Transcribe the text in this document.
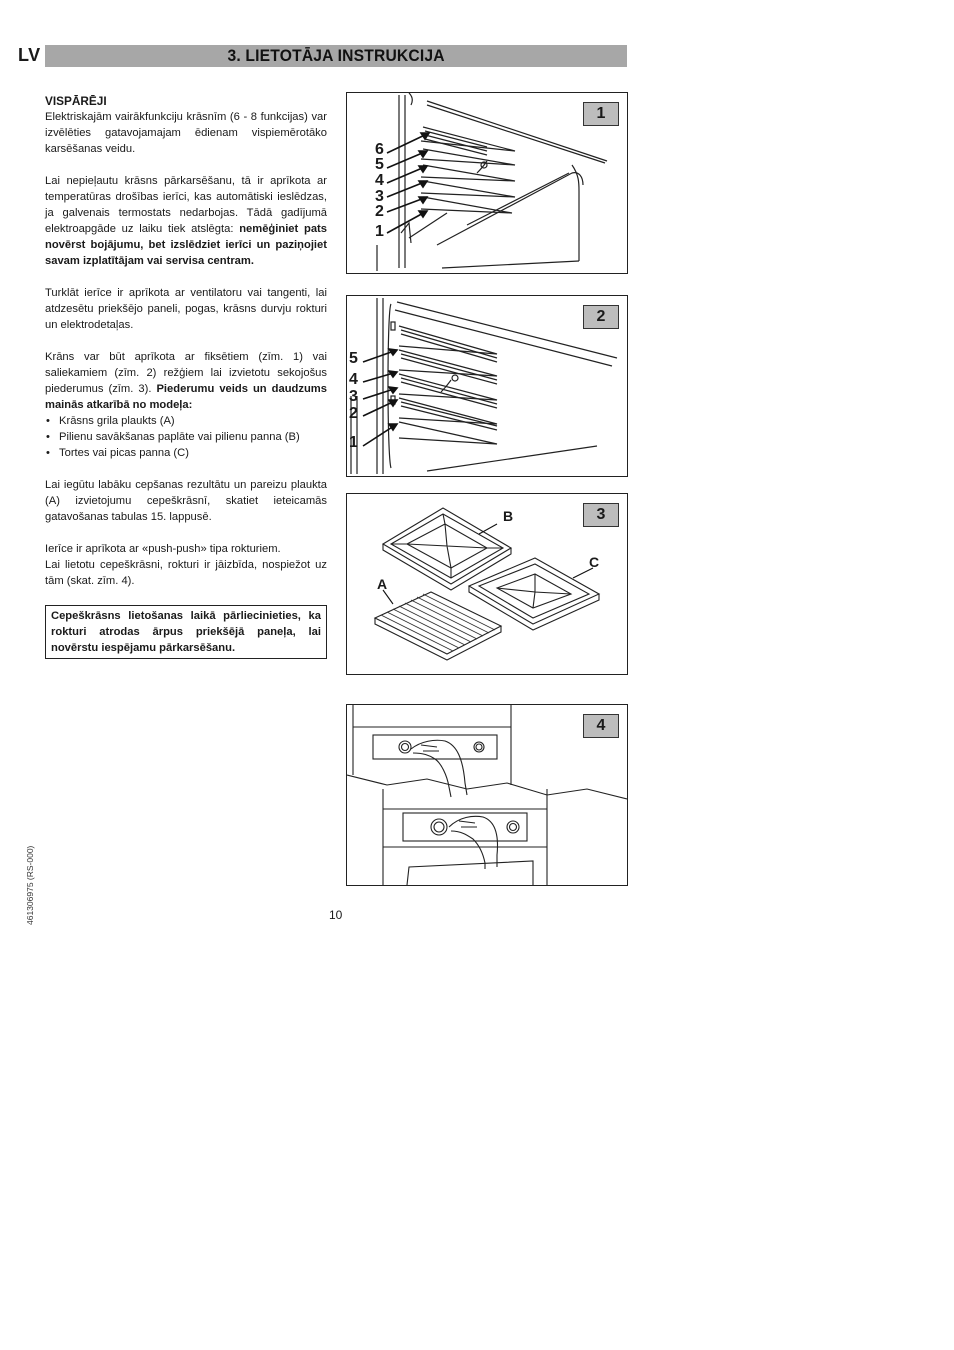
LV	3. LIETOTĀJA INSTRUKCIJA
VISPĀRĒJI

Elektriskajām vairākfunkciju krāsnīm (6 - 8 funkcijas) var izvēlēties gatavojamajam ēdienam vispiemērotāko karsēšanas veidu.

Lai nepieļautu krāsns pārkarsēšanu, tā ir aprīkota ar temperatūras drošības ierīci, kas automātiski ieslēdzas, ja galvenais termostats nedarbojas. Tādā gadījumā elektroapgāde uz laiku tiek atslēgta: nemēģiniet pats novērst bojājumu, bet izslēdziet ierīci un paziņojiet savam izplatītājam vai servisa centram.

Turklāt ierīce ir aprīkota ar ventilatoru vai tangenti, lai atdzesētu priekšējo paneli, pogas, krāsns durvju rokturi un elektrodetaļas.

Krāns var būt aprīkota ar fiksētiem (zīm. 1) vai saliekamiem (zīm. 2) režģiem lai izvietotu sekojošus piederumus (zīm. 3). Piederumu veids un daudzums mainās atkarībā no modeļa:

• Krāsns grila plaukts (A)
• Pilienu savākšanas paplāte vai pilienu panna (B)
• Tortes vai picas panna (C)

Lai iegūtu labāku cepšanas rezultātu un pareizu plaukta (A) izvietojumu cepeškrāsnī, skatiet ieteicamās gatavošanas tabulas 15. lappusē.

Ierīce ir aprīkota ar «push-push» tipa rokturiem.

Lai lietotu cepeškrāsni, rokturi ir jāizbīda, nospiežot uz tām (skat. zīm. 4).

Cepeškrāsns lietošanas laikā pārliecinieties, ka rokturi atrodas ārpus priekšējā paneļa, lai novērstu iespējamu pārkarsēšanu.
1
6
5
4
3
2
1
2
5
4
3
2
1
3
B
C
A
4
10
461306975 (RS-000)
